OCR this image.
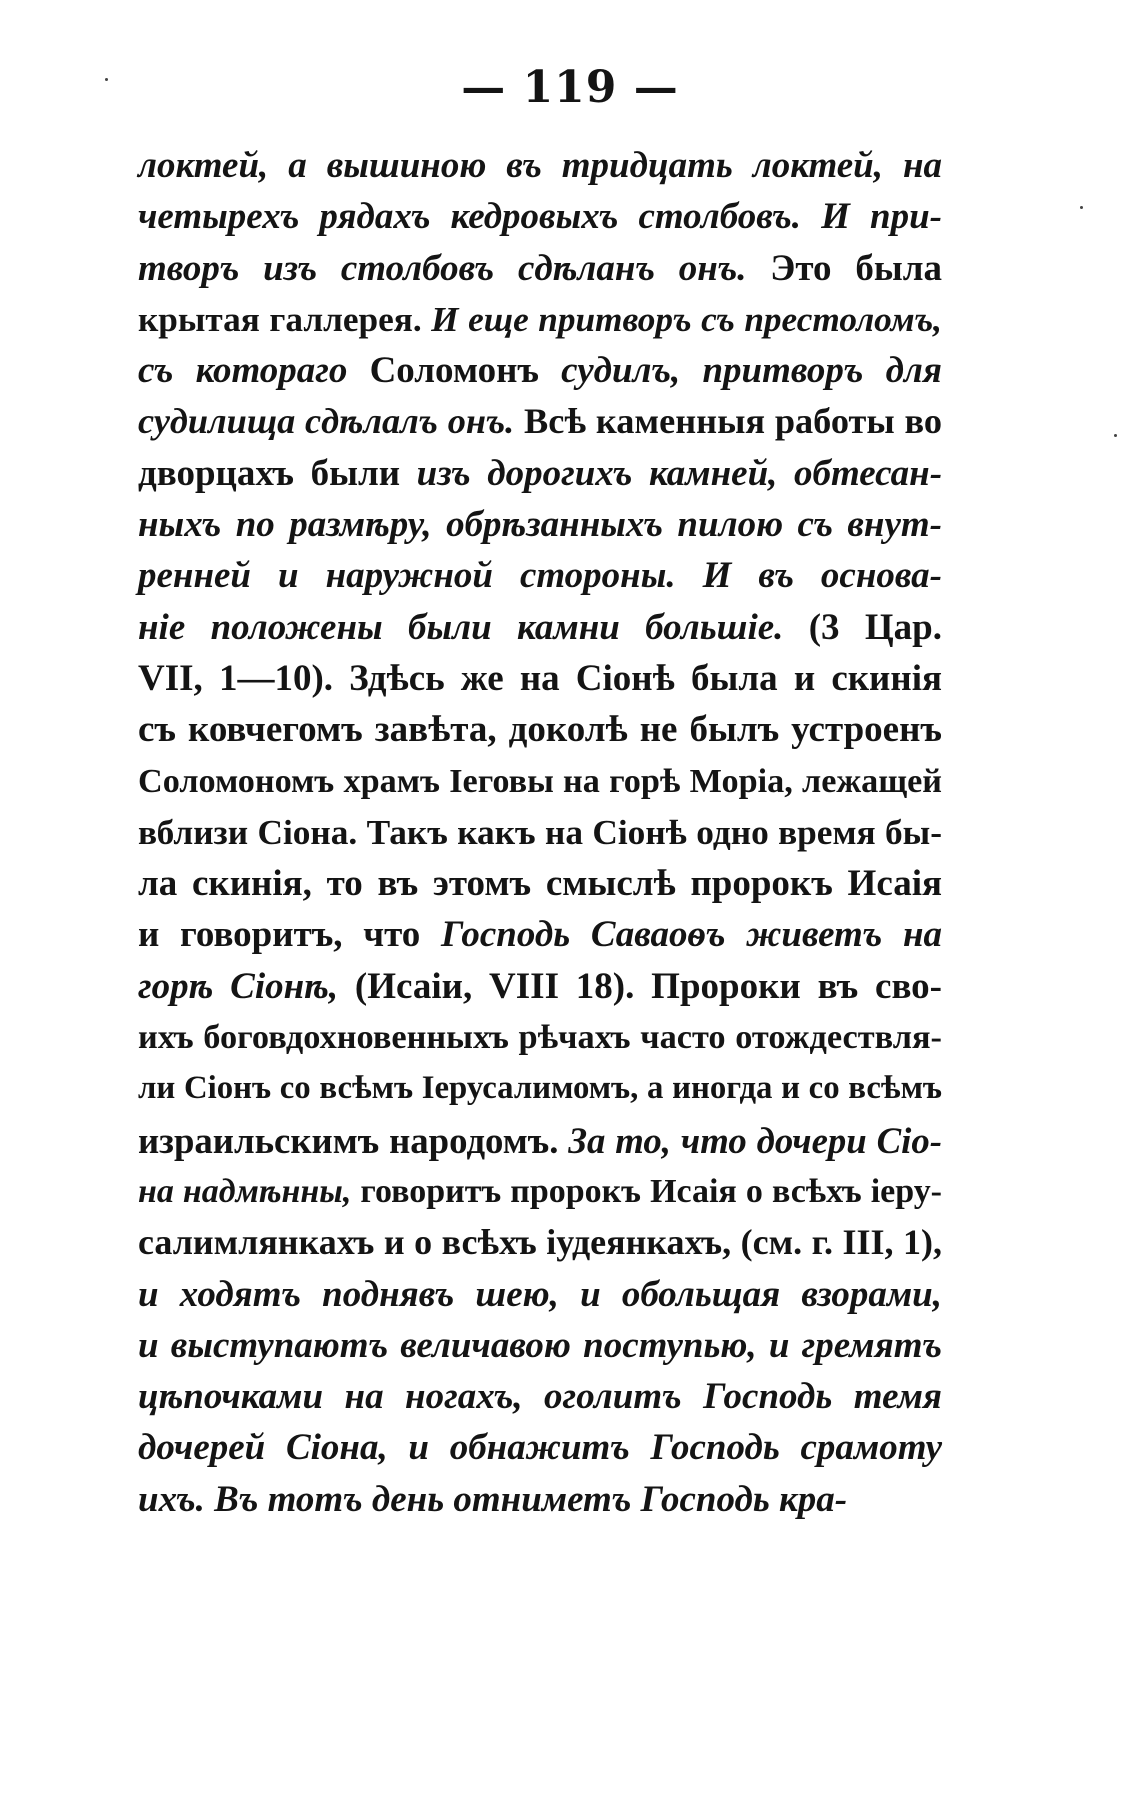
— 119 —
локтей, а вышиною въ тридцать локтей, на
четырехъ рядахъ кедровыхъ столбовъ. И при-
творъ изъ столбовъ сдѣланъ онъ. Это была
крытая галлерея. И еще притворъ съ престоломъ,
съ котораго Соломонъ судилъ, притворъ для
судилища сдѣлалъ онъ. Всѣ каменныя работы во
дворцахъ были изъ дорогихъ камней, обтесан-
ныхъ по размѣру, обрѣзанныхъ пилою съ внут-
ренней и наружной стороны. И въ основа-
ніе положены были камни большіе. (3 Цар.
VII, 1—10). Здѣсь же на Сіонѣ была и скинія
съ ковчегомъ завѣта, доколѣ не былъ устроенъ
Соломономъ храмъ Іеговы на горѣ Моріа, лежащей
вблизи Сіона. Такъ какъ на Сіонѣ одно время бы-
ла скинія, то въ этомъ смыслѣ пророкъ Исаія
и говоритъ, что Господь Саваоѳъ живетъ на
горѣ Сіонѣ, (Исаіи, VIII 18). Пророки въ сво-
ихъ боговдохновенныхъ рѣчахъ часто отождествля-
ли Сіонъ со всѣмъ Іерусалимомъ, а иногда и со всѣмъ
израильскимъ народомъ. За то, что дочери Сіо-
на надмѣнны, говоритъ пророкъ Исаія о всѣхъ іеру-
салимлянкахъ и о всѣхъ іудеянкахъ, (см. г. III, 1),
и ходятъ поднявъ шею, и обольщая взорами,
и выступаютъ величавою поступью, и гремятъ
цѣпочками на ногахъ, оголитъ Господь темя
дочерей Сіона, и обнажитъ Господь срамоту
ихъ. Въ тотъ день отниметъ Господь кра-
